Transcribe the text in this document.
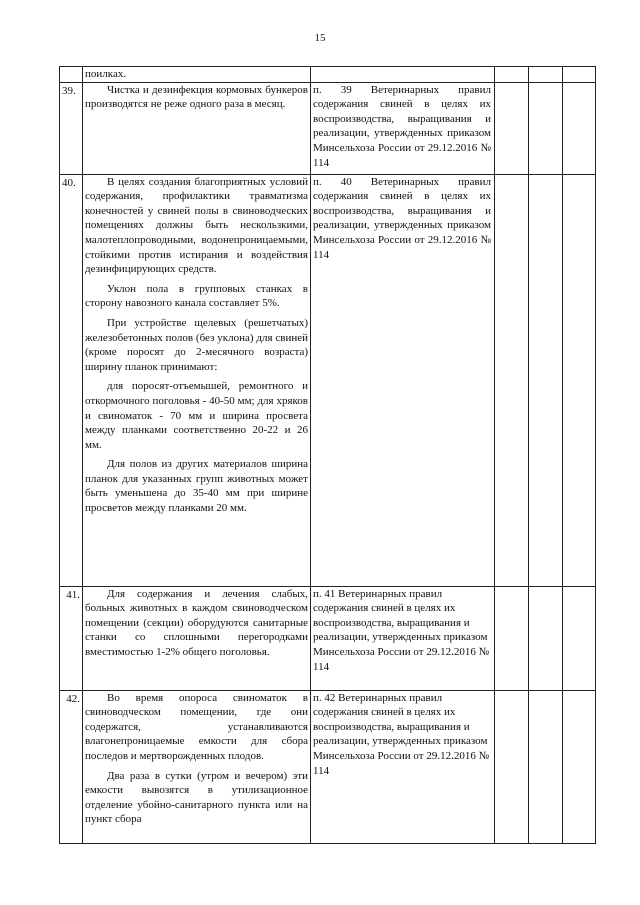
15

	поилках.				

39.	Чистка и дезинфекция кормовых бункеров производятся не реже одного раза в месяц.	п. 39 Ветеринарных правил содержания свиней в целях их воспроизводства, выращивания и реализации, утвержденных приказом Минсельхоза России от 29.12.2016 № 114			

40.	В целях создания благоприятных условий содержания, профилактики травматизма конечностей у свиней полы в свиноводческих помещениях должны быть нескользкими, малотеплопроводными, водонепроницаемыми, стойкими против истирания и воздействия дезинфицирующих средств.

Уклон пола в групповых станках в сторону навозного канала составляет 5%.

При устройстве щелевых (решетчатых) железобетонных полов (без уклона) для свиней (кроме поросят до 2-месячного возраста) ширину планок принимают:

для поросят-отъемышей, ремонтного и откормочного поголовья - 40-50 мм; для хряков и свиноматок - 70 мм и ширина просвета между планками соответственно 20-22 и 26 мм.

Для полов из других материалов ширина планок для указанных групп животных может быть уменьшена до 35-40 мм при ширине просветов между планками 20 мм.	п. 40 Ветеринарных правил содержания свиней в целях их воспроизводства, выращивания и реализации, утвержденных приказом Минсельхоза России от 29.12.2016 № 114			

41.	Для содержания и лечения слабых, больных животных в каждом свиноводческом помещении (секции) оборудуются санитарные станки со сплошными перегородками вместимостью 1-2% общего поголовья.	п. 41 Ветеринарных правил содержания свиней в целях их воспроизводства, выращивания и реализации, утвержденных приказом Минсельхоза России от 29.12.2016 № 114			

42.	Во время опороса свиноматок в свиноводческом помещении, где они содержатся, устанавливаются влагонепроницаемые емкости для сбора последов и мертворожденных плодов.

Два раза в сутки (утром и вечером) эти емкости вывозятся в утилизационное отделение убойно-санитарного пункта или на пункт сбора	п. 42 Ветеринарных правил содержания свиней в целях их воспроизводства, выращивания и реализации, утвержденных приказом Минсельхоза России от 29.12.2016 № 114			
